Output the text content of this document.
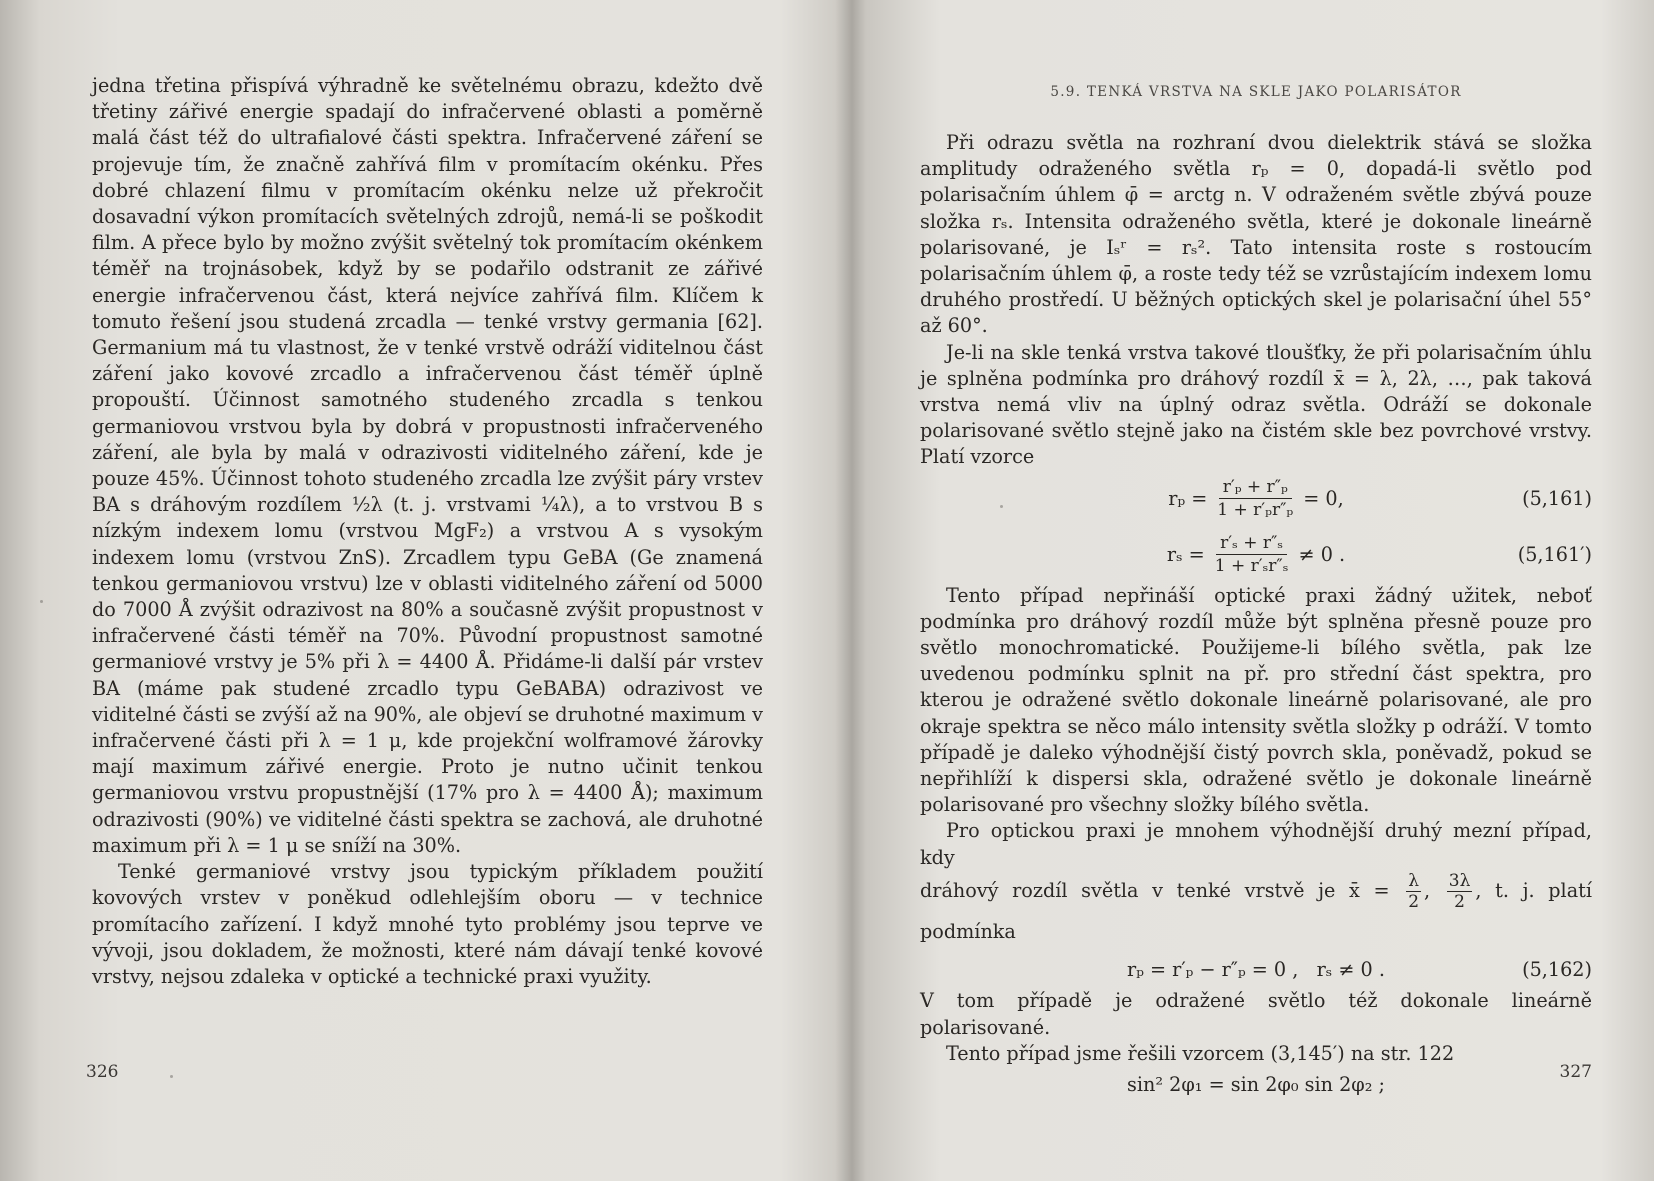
jedna třetina přispívá výhradně ke světelnému obrazu, kdežto dvě třetiny zářivé energie spadají do infračervené oblasti a poměrně malá část též do ultrafialové části spektra. Infračervené záření se projevuje tím, že značně zahřívá film v promítacím okénku. Přes dobré chlazení filmu v promítacím okénku nelze už překročit dosavadní výkon promítacích světelných zdrojů, nemá-li se poškodit film. A přece bylo by možno zvýšit světelný tok promítacím okénkem téměř na trojnásobek, když by se podařilo odstranit ze zářivé energie infračervenou část, která nejvíce zahřívá film. Klíčem k tomuto řešení jsou studená zrcadla — tenké vrstvy germania [62]. Germanium má tu vlastnost, že v tenké vrstvě odráží viditelnou část záření jako kovové zrcadlo a infračervenou část téměř úplně propouští. Účinnost samotného studeného zrcadla s tenkou germaniovou vrstvou byla by dobrá v propustnosti infračerveného záření, ale byla by malá v odrazivosti viditelného záření, kde je pouze 45%. Účinnost tohoto studeného zrcadla lze zvýšit páry vrstev BA s dráhovým rozdílem ½λ (t. j. vrstvami ¼λ), a to vrstvou B s nízkým indexem lomu (vrstvou MgF₂) a vrstvou A s vysokým indexem lomu (vrstvou ZnS). Zrcadlem typu GeBA (Ge znamená tenkou germaniovou vrstvu) lze v oblasti viditelného záření od 5000 do 7000 Å zvýšit odrazivost na 80% a současně zvýšit propustnost v infračervené části téměř na 70%. Původní propustnost samotné germaniové vrstvy je 5% při λ = 4400 Å. Přidáme-li další pár vrstev BA (máme pak studené zrcadlo typu GeBABA) odrazivost ve viditelné části se zvýší až na 90%, ale objeví se druhotné maximum v infračervené části při λ = 1 μ, kde projekční wolframové žárovky mají maximum zářivé energie. Proto je nutno učinit tenkou germaniovou vrstvu propustnější (17% pro λ = 4400 Å); maximum odrazivosti (90%) ve viditelné části spektra se zachová, ale druhotné maximum při λ = 1 μ se sníží na 30%.

Tenké germaniové vrstvy jsou typickým příkladem použití kovových vrstev v poněkud odlehlejším oboru — v technice promítacího zařízení. I když mnohé tyto problémy jsou teprve ve vývoji, jsou dokladem, že možnosti, které nám dávají tenké kovové vrstvy, nejsou zdaleka v optické a technické praxi využity.

326
5.9. TENKÁ VRSTVA NA SKLE JAKO POLARISÁTOR

Při odrazu světla na rozhraní dvou dielektrik stává se složka amplitudy odraženého světla rₚ = 0, dopadá-li světlo pod polarisačním úhlem φ̄ = arctg n. V odraženém světle zbývá pouze složka rₛ. Intensita odraženého světla, které je dokonale lineárně polarisované, je Iₛʳ = rₛ². Tato intensita roste s rostoucím polarisačním úhlem φ̄, a roste tedy též se vzrůstajícím indexem lomu druhého prostředí. U běžných optických skel je polarisační úhel 55° až 60°.

Je-li na skle tenká vrstva takové tloušťky, že při polarisačním úhlu je splněna podmínka pro dráhový rozdíl x̄ = λ, 2λ, …, pak taková vrstva nemá vliv na úplný odraz světla. Odráží se dokonale polarisované světlo stejně jako na čistém skle bez povrchové vrstvy. Platí vzorce

$r_p = \frac{\text{r′ₚ + r″ₚ}}{\text{1 + r′ₚr″ₚ}} = 0$,	(5,161)
$r_s = \frac{\text{r′ₛ + r″ₛ}}{\text{1 + r′ₛr″ₛ}} \ne 0$ .	(5,161′)

Tento případ nepřináší optické praxi žádný užitek, neboť podmínka pro dráhový rozdíl může být splněna přesně pouze pro světlo monochromatické. Použijeme-li bílého světla, pak lze uvedenou podmínku splnit na př. pro střední část spektra, pro kterou je odražené světlo dokonale lineárně polarisované, ale pro okraje spektra se něco málo intensity světla složky p odráží. V tomto případě je daleko výhodnější čistý povrch skla, poněvadž, pokud se nepřihlíží k dispersi skla, odražené světlo je dokonale lineárně polarisované pro všechny složky bílého světla.

Pro optickou praxi je mnohem výhodnější druhý mezní případ, kdy

dráhový rozdíl světla v tenké vrstvě je x̄ = $\frac{\lambda}{2}$ , $\frac{3\lambda}{2}$ , t. j. platí podmínka

rₚ = r′ₚ − r″ₚ = 0 ,   rₛ ≠ 0 .	(5,162)

V tom případě je odražené světlo též dokonale lineárně polarisované.

Tento případ jsme řešili vzorcem (3,145′) na str. 122

sin² 2φ₁ = sin 2φ₀ sin 2φ₂ ;
327
